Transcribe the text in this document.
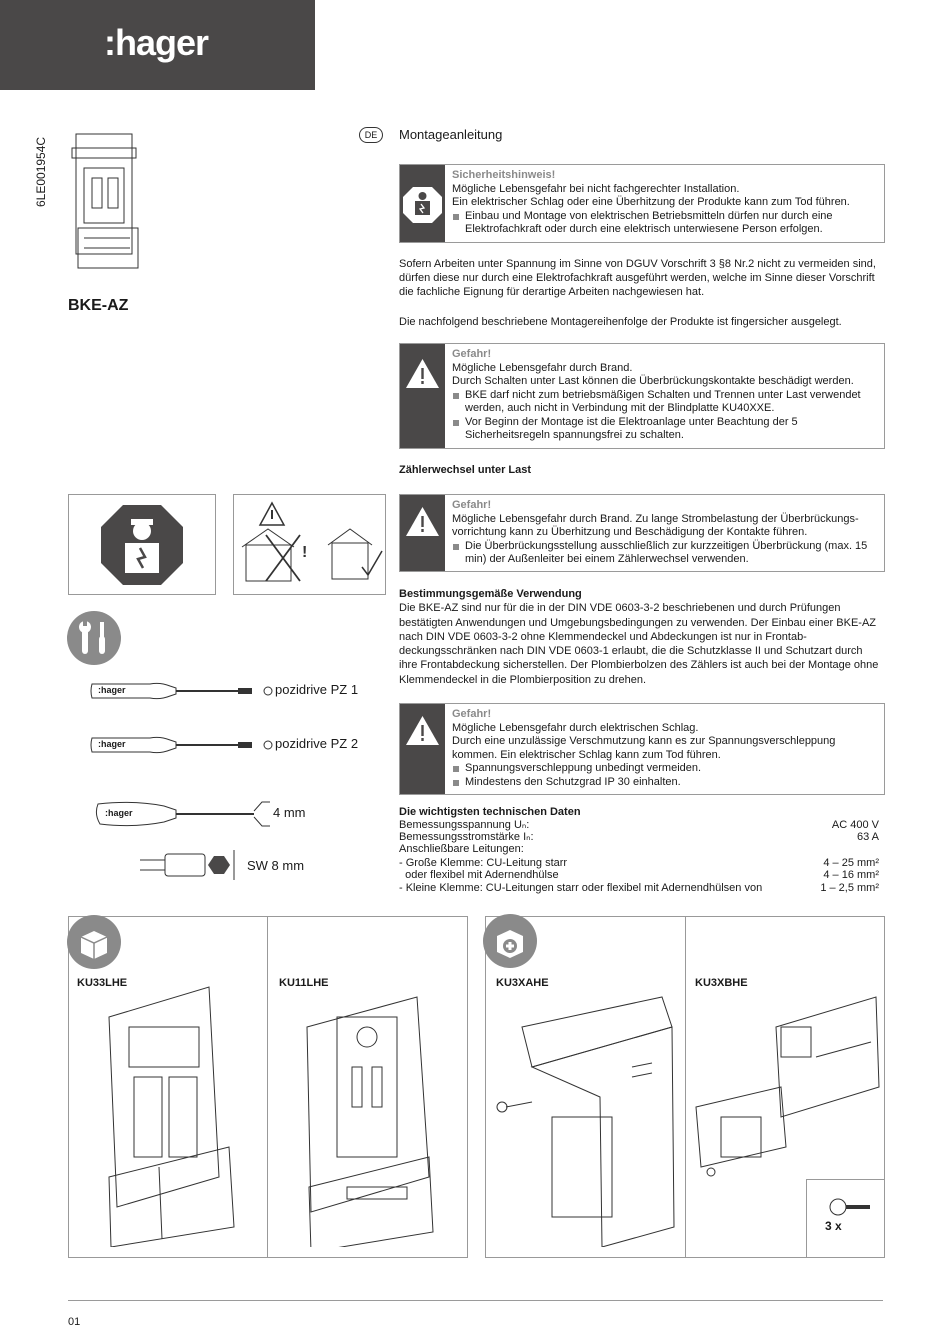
:hager
6LE001954C
BKE-AZ
DE	Montageanleitung
Sicherheitshinweis!
Mögliche Lebensgefahr bei nicht fachgerechter Installation.
Ein elektrischer Schlag oder eine Überhitzung der Produkte kann zum Tod führen.
Einbau und Montage von elektrischen Betriebsmitteln dürfen nur durch eine Elektrofachkraft oder durch eine elektrisch unterwiesene Person erfolgen.
Sofern Arbeiten unter Spannung im Sinne von DGUV Vorschrift 3 §8 Nr.2 nicht zu vermeiden sind, dürfen diese nur durch eine Elektrofachkraft ausgeführt werden, welche im Sinne dieser Vorschrift die fachliche Eignung für derartige Arbeiten nachgewiesen hat.
Die nachfolgend beschriebene Montagereihenfolge der Produkte ist fingersicher ausgelegt.
Gefahr!
Mögliche Lebensgefahr durch Brand.
Durch Schalten unter Last können die Überbrückungskontakte beschädigt werden.
BKE darf nicht zum betriebsmäßigen Schalten und Trennen unter Last verwendet werden, auch nicht in Verbindung mit der Blindplatte KU40XXE.
Vor Beginn der Montage ist die Elektroanlage unter Beachtung der 5 Sicherheitsregeln spannungsfrei zu schalten.
Zählerwechsel unter Last
Gefahr!
Mögliche Lebensgefahr durch Brand. Zu lange Strombelastung der Überbrückungs-vorrichtung kann zu Überhitzung und Beschädigung der Kontakte führen.
Die Überbrückungsstellung ausschließlich zur kurzzeitigen Überbrückung (max. 15 min) der Außenleiter bei einem Zählerwechsel verwenden.
Bestimmungsgemäße Verwendung
Die BKE-AZ sind nur für die in der DIN VDE 0603-3-2 beschriebenen und durch Prüfungen bestätigten Anwendungen und Umgebungsbedingungen zu verwenden. Der Einbau einer BKE-AZ nach DIN VDE 0603-3-2 ohne Klemmendeckel und Abdeckungen ist nur in Frontab-deckungsschränken nach DIN VDE 0603-1 erlaubt, die die Schutzklasse II und Schutzart durch ihre Frontabdeckung sicherstellen. Der Plombierbolzen des Zählers ist auch bei der Montage ohne Klemmendeckel in die Plombierposition zu drehen.
Gefahr!
Mögliche Lebensgefahr durch elektrischen Schlag.
Durch eine unzulässige Verschmutzung kann es zur Spannungsverschleppung kommen. Ein elektrischer Schlag kann zum Tod führen.
Spannungsverschleppung unbedingt vermeiden.
Mindestens den Schutzgrad IP 30 einhalten.
Die wichtigsten technischen Daten
Bemessungsspannung Uₙ:	AC 400 V
Bemessungsstromstärke Iₙ:	63 A
Anschließbare Leitungen:
- Große Klemme: CU-Leitung starr	4 – 25 mm²
oder flexibel mit Adernendhülse	4 – 16 mm²
- Kleine Klemme: CU-Leitungen starr oder flexibel mit Adernendhülsen von	1 – 2,5 mm²
!
:hager	pozidrive PZ 1
:hager	pozidrive PZ 2
:hager	4 mm
SW 8 mm
KU33LHE	KU11LHE	KU3XAHE	KU3XBHE
3 x
01
